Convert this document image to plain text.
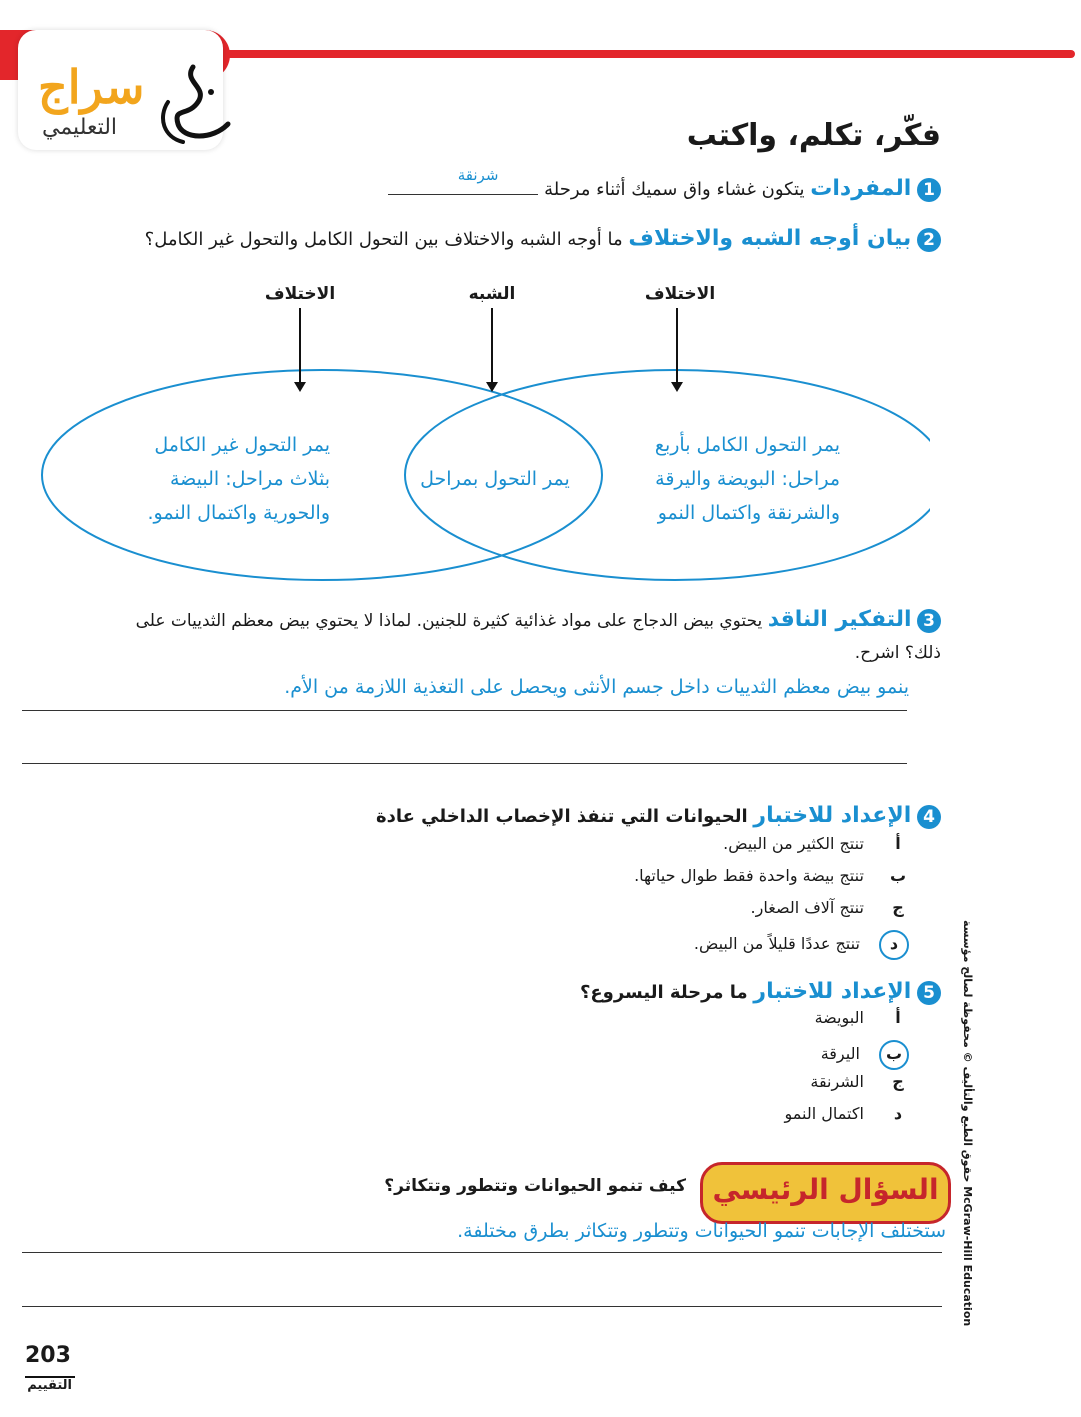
سراج
التعليمي	فكّر، تكلم، واكتب
1 المفردات يتكون غشاء واق سميك أثناء مرحلة
شرنقة
2 بيان أوجه الشبه والاختلاف ما أوجه الشبه والاختلاف بين التحول الكامل والتحول غير الكامل؟
الاختلاف
الشبه
الاختلاف
يمر التحول الكامل بأربع مراحل: البويضة واليرقة والشرنقة واكتمال النمو
يمر التحول بمراحل
يمر التحول غير الكامل بثلاث مراحل: البيضة والحورية واكتمال النمو.
3 التفكير الناقد يحتوي بيض الدجاج على مواد غذائية كثيرة للجنين. لماذا لا يحتوي بيض معظم الثدييات على ذلك؟ اشرح.
ينمو بيض معظم الثدييات داخل جسم الأنثى ويحصل على التغذية اللازمة من الأم.
4 الإعداد للاختبار الحيوانات التي تنفذ الإخصاب الداخلي عادة
أ تنتج الكثير من البيض.
ب تنتج بيضة واحدة فقط طوال حياتها.
ج تنتج آلاف الصغار.
د تنتج عددًا قليلاً من البيض.
5 الإعداد للاختبار ما مرحلة اليسروع؟
أ البويضة
ب اليرقة
ج الشرنقة
د اكتمال النمو
السؤال الرئيسي
كيف تنمو الحيوانات وتتطور وتتكاثر؟
ستختلف الإجابات تنمو الحيوانات وتتطور وتتكاثر بطرق مختلفة.
حقوق الطبع والتأليف © محفوظة لصالح مؤسسة McGraw-Hill Education
203
التقييم
